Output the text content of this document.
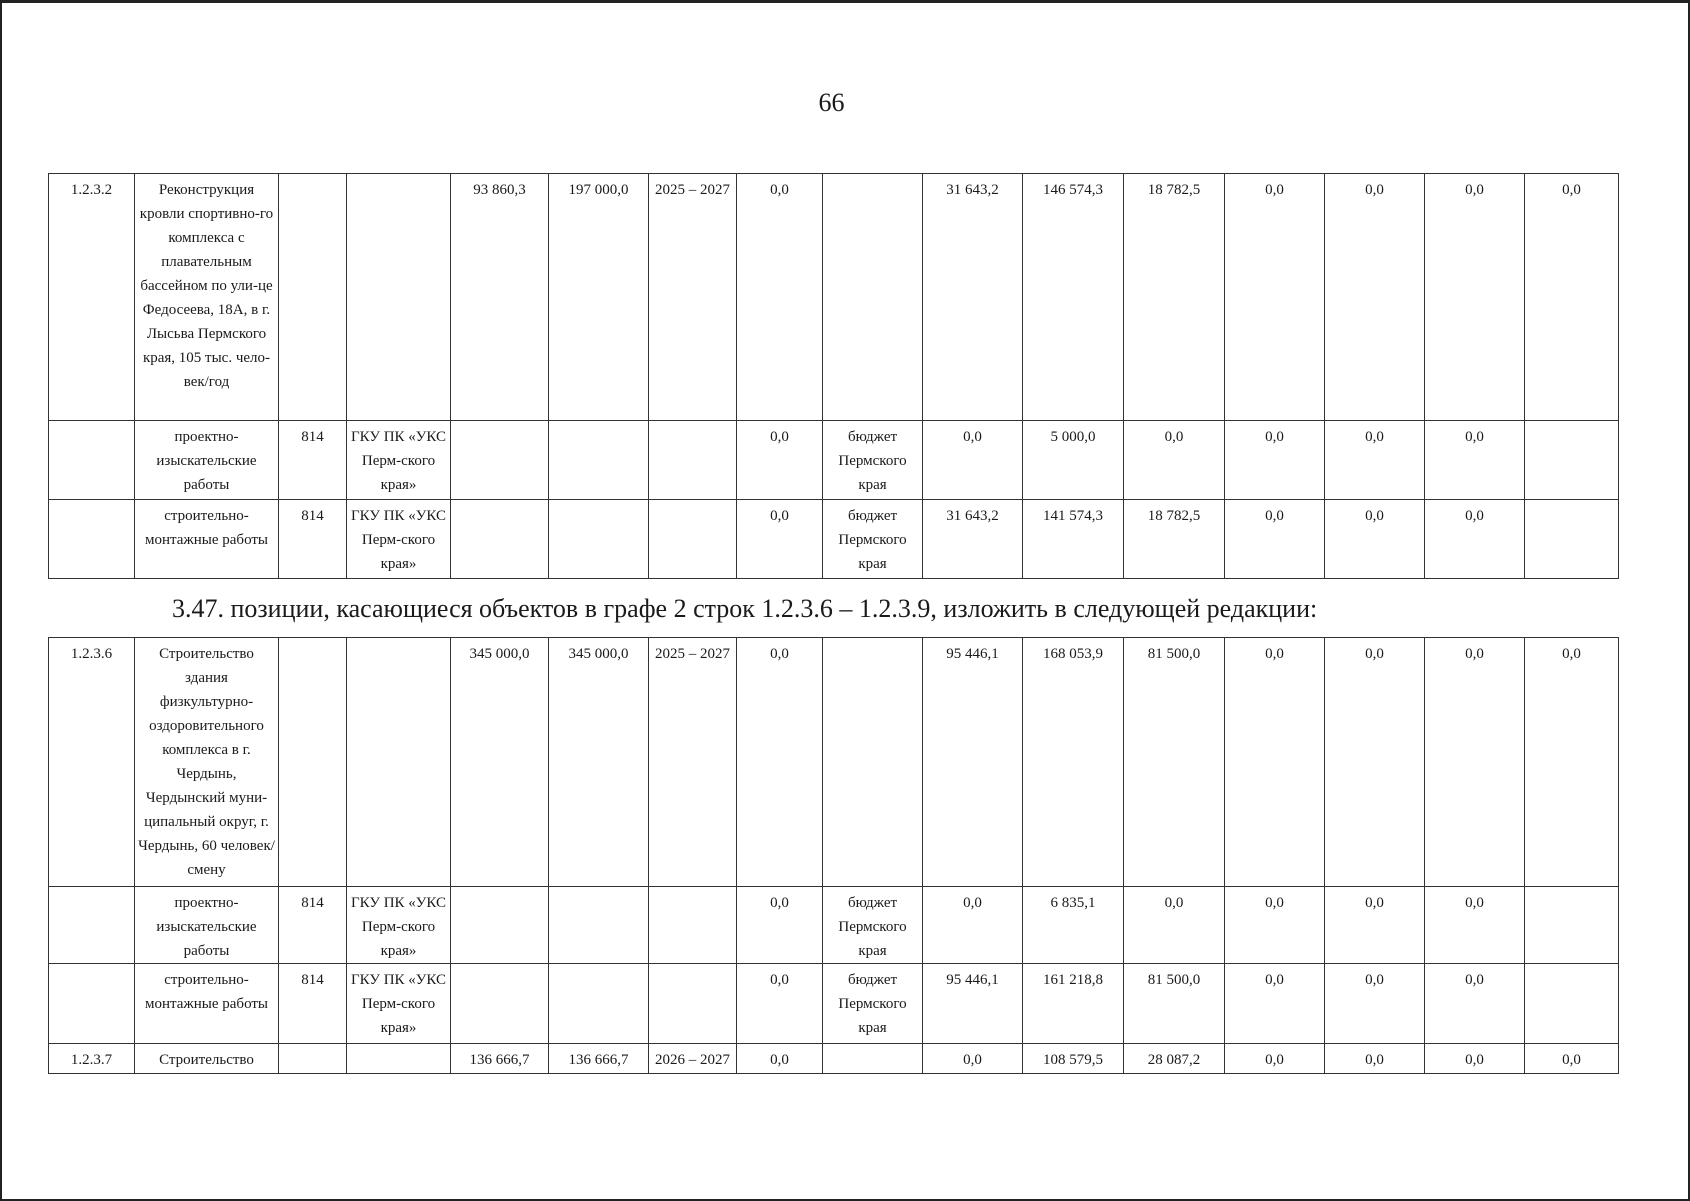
66
1.2.3.2	Реконструкция кровли спортивно-го комплекса с плавательным бассейном по ули-це Федосеева, 18А, в г. Лысьва Пермского края, 105 тыс. чело-век/год			93 860,3	197 000,0	2025 – 2027	0,0		31 643,2	146 574,3	18 782,5	0,0	0,0	0,0	0,0
	проектно-изыскательские работы	814	ГКУ ПК «УКС Перм-ского края»				0,0	бюджет Пермского края	0,0	5 000,0	0,0	0,0	0,0	0,0	
	строительно-монтажные работы	814	ГКУ ПК «УКС Перм-ского края»				0,0	бюджет Пермского края	31 643,2	141 574,3	18 782,5	0,0	0,0	0,0	
3.47. позиции, касающиеся объектов в графе 2 строк 1.2.3.6 – 1.2.3.9, изложить в следующей редакции:
1.2.3.6	Строительство здания физкультурно-оздоровительного комплекса в г. Чердынь, Чердынский муни-ципальный округ, г. Чердынь, 60 человек/смену			345 000,0	345 000,0	2025 – 2027	0,0		95 446,1	168 053,9	81 500,0	0,0	0,0	0,0	0,0
	проектно-изыскательские работы	814	ГКУ ПК «УКС Перм-ского края»				0,0	бюджет Пермского края	0,0	6 835,1	0,0	0,0	0,0	0,0	
	строительно-монтажные работы	814	ГКУ ПК «УКС Перм-ского края»				0,0	бюджет Пермского края	95 446,1	161 218,8	81 500,0	0,0	0,0	0,0	
1.2.3.7	Строительство			136 666,7	136 666,7	2026 – 2027	0,0		0,0	108 579,5	28 087,2	0,0	0,0	0,0	0,0
